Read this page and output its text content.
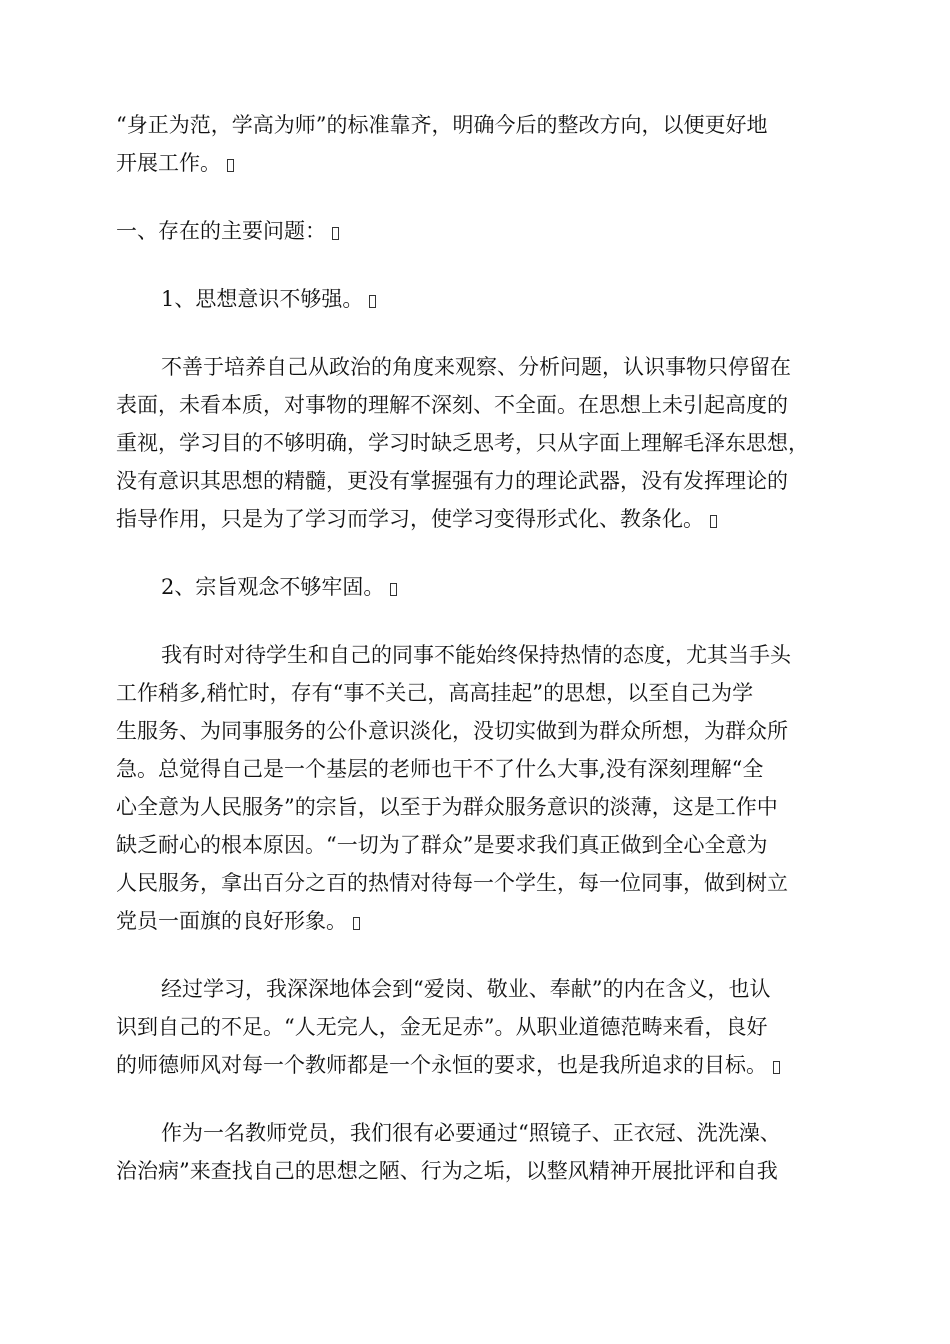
“身正为范，学高为师”的标准靠齐，明确今后的整改方向，以便更好地
开展工作。
一、存在的主要问题：
1、思想意识不够强。
不善于培养自己从政治的角度来观察、分析问题，认识事物只停留在
表面，未看本质，对事物的理解不深刻、不全面。在思想上未引起高度的
重视，学习目的不够明确，学习时缺乏思考，只从字面上理解毛泽东思想，
没有意识其思想的精髓，更没有掌握强有力的理论武器，没有发挥理论的
指导作用，只是为了学习而学习，使学习变得形式化、教条化。
2、宗旨观念不够牢固。
我有时对待学生和自己的同事不能始终保持热情的态度，尤其当手头
工作稍多,稍忙时，存有“事不关己，高高挂起”的思想，以至自己为学
生服务、为同事服务的公仆意识淡化，没切实做到为群众所想，为群众所
急。总觉得自己是一个基层的老师也干不了什么大事,没有深刻理解“全
心全意为人民服务”的宗旨，以至于为群众服务意识的淡薄，这是工作中
缺乏耐心的根本原因。“一切为了群众”是要求我们真正做到全心全意为
人民服务，拿出百分之百的热情对待每一个学生，每一位同事，做到树立
党员一面旗的良好形象。
经过学习，我深深地体会到“爱岗、敬业、奉献”的内在含义，也认
识到自己的不足。“人无完人，金无足赤”。从职业道德范畴来看，良好
的师德师风对每一个教师都是一个永恒的要求，也是我所追求的目标。
作为一名教师党员，我们很有必要通过“照镜子、正衣冠、洗洗澡、
治治病”来查找自己的思想之陋、行为之垢，以整风精神开展批评和自我
